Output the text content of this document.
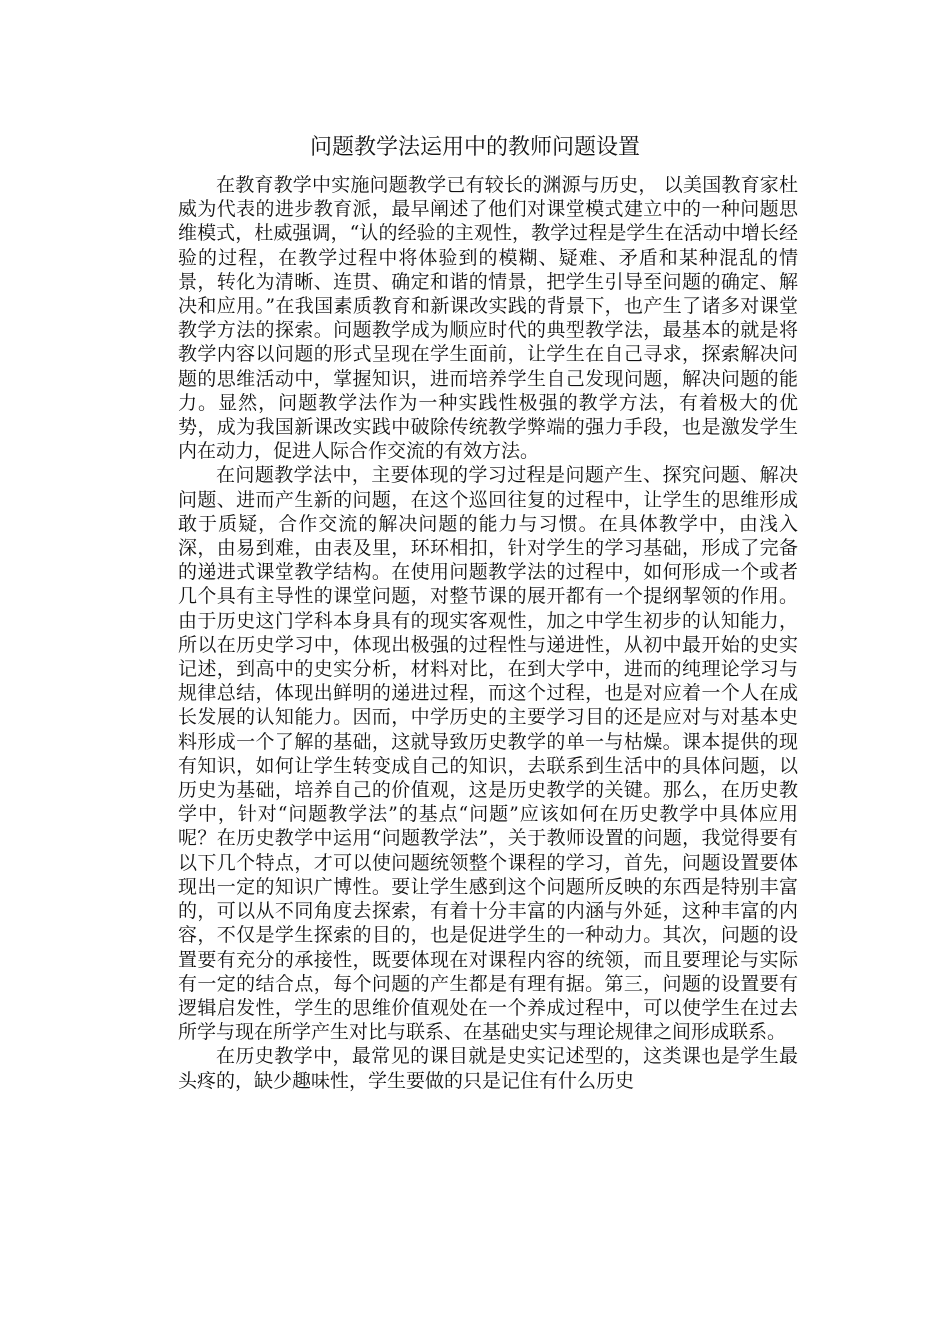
问题教学法运用中的教师问题设置

在教育教学中实施问题教学已有较长的渊源与历史， 以美国教育家杜威为代表的进步教育派，最早阐述了他们对课堂模式建立中的一种问题思维模式，杜威强调，“认的经验的主观性，教学过程是学生在活动中增长经验的过程，在教学过程中将体验到的模糊、疑难、矛盾和某种混乱的情景，转化为清晰、连贯、确定和谐的情景，把学生引导至问题的确定、解决和应用。”在我国素质教育和新课改实践的背景下，也产生了诸多对课堂教学方法的探索。问题教学成为顺应时代的典型教学法，最基本的就是将教学内容以问题的形式呈现在学生面前，让学生在自己寻求，探索解决问题的思维活动中，掌握知识，进而培养学生自己发现问题，解决问题的能力。显然，问题教学法作为一种实践性极强的教学方法，有着极大的优势，成为我国新课改实践中破除传统教学弊端的强力手段，也是激发学生内在动力，促进人际合作交流的有效方法。

在问题教学法中，主要体现的学习过程是问题产生、探究问题、解决问题、进而产生新的问题，在这个巡回往复的过程中，让学生的思维形成敢于质疑，合作交流的解决问题的能力与习惯。在具体教学中，由浅入深，由易到难，由表及里，环环相扣，针对学生的学习基础，形成了完备的递进式课堂教学结构。在使用问题教学法的过程中，如何形成一个或者几个具有主导性的课堂问题，对整节课的展开都有一个提纲挈领的作用。由于历史这门学科本身具有的现实客观性，加之中学生初步的认知能力，所以在历史学习中，体现出极强的过程性与递进性，从初中最开始的史实记述，到高中的史实分析，材料对比，在到大学中，进而的纯理论学习与规律总结，体现出鲜明的递进过程，而这个过程，也是对应着一个人在成长发展的认知能力。因而，中学历史的主要学习目的还是应对与对基本史料形成一个了解的基础，这就导致历史教学的单一与枯燥。课本提供的现有知识，如何让学生转变成自己的知识，去联系到生活中的具体问题，以历史为基础，培养自己的价值观，这是历史教学的关键。那么，在历史教学中，针对“问题教学法”的基点“问题”应该如何在历史教学中具体应用呢？在历史教学中运用“问题教学法”，关于教师设置的问题，我觉得要有以下几个特点，才可以使问题统领整个课程的学习，首先，问题设置要体现出一定的知识广博性。要让学生感到这个问题所反映的东西是特别丰富的，可以从不同角度去探索，有着十分丰富的内涵与外延，这种丰富的内容，不仅是学生探索的目的，也是促进学生的一种动力。其次，问题的设置要有充分的承接性，既要体现在对课程内容的统领，而且要理论与实际有一定的结合点，每个问题的产生都是有理有据。第三，问题的设置要有逻辑启发性，学生的思维价值观处在一个养成过程中，可以使学生在过去所学与现在所学产生对比与联系、在基础史实与理论规律之间形成联系。

在历史教学中，最常见的课目就是史实记述型的，这类课也是学生最头疼的，缺少趣味性，学生要做的只是记住有什么历史
